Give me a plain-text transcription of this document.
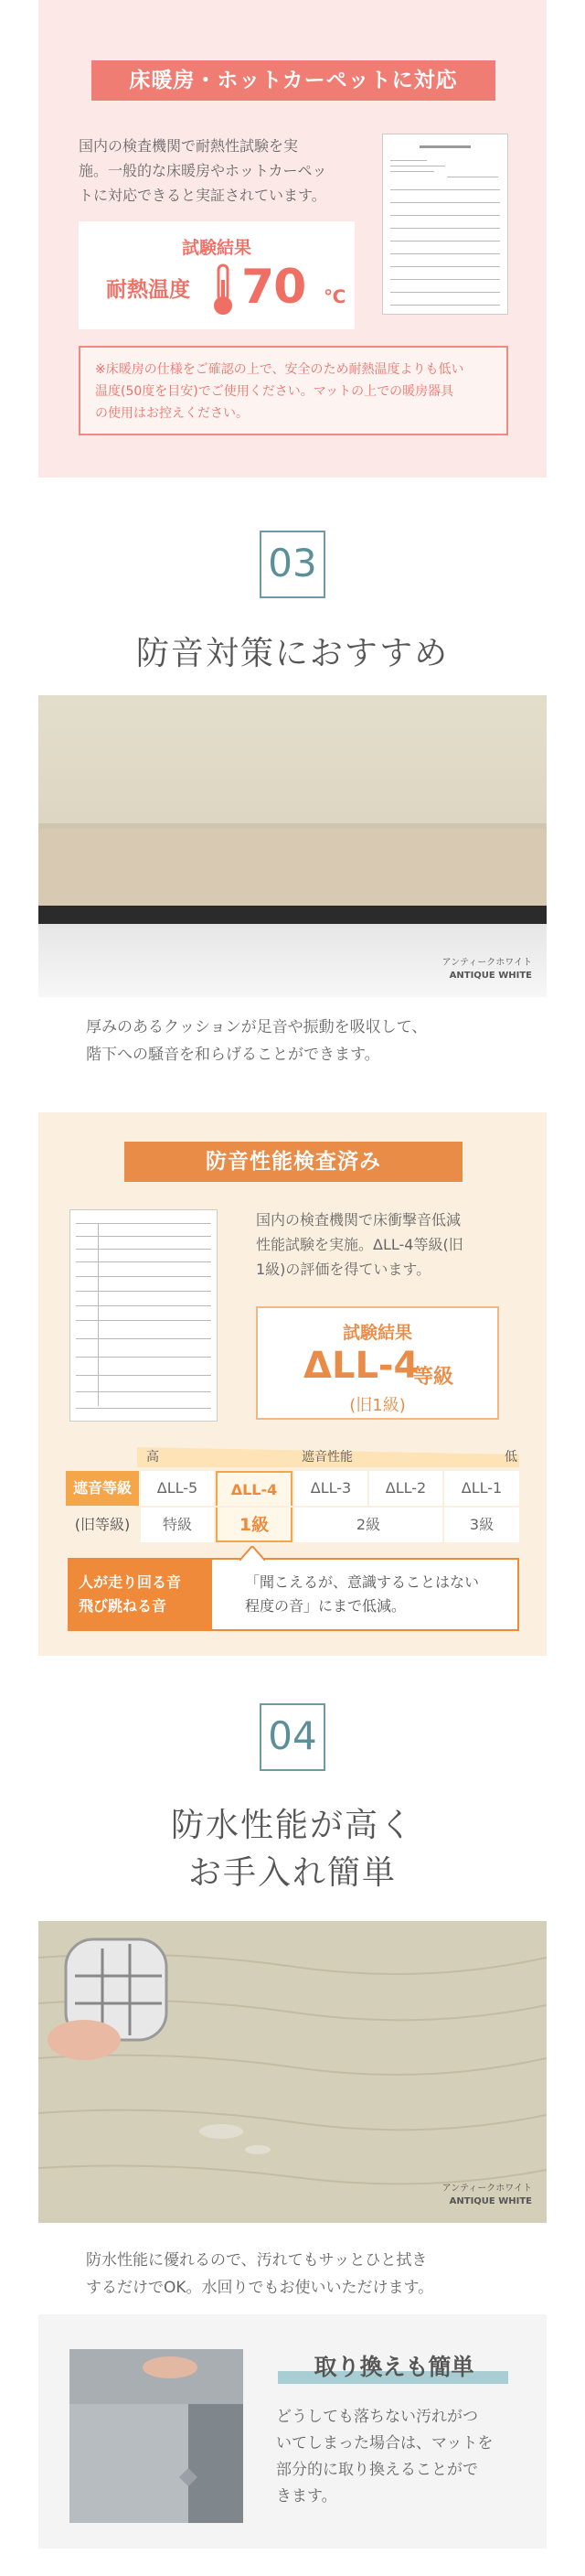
床暖房・ホットカーペットに対応
国内の検査機関で耐熱性試験を実
施。一般的な床暖房やホットカーペッ
トに対応できると実証されています。
試験結果
耐熱温度 70 ℃
※床暖房の仕様をご確認の上で、安全のため耐熱温度よりも低い
温度(50度を目安)でご使用ください。マットの上での暖房器具
の使用はお控えください。
03
防音対策におすすめ
アンティークホワイト
ANTIQUE WHITE
厚みのあるクッションが足音や振動を吸収して、
階下への騒音を和らげることができます。
防音性能検査済み
国内の検査機関で床衝撃音低減
性能試験を実施。ΔLL-4等級(旧
1級)の評価を得ています。
試験結果
ΔLL-4
等級
(旧1級)
高	遮音性能	低
遮音等級	ΔLL-5	ΔLL-4	ΔLL-3	ΔLL-2	ΔLL-1
(旧等級)	特級	1級	2級	3級
人が走り回る音
飛び跳ねる音
「聞こえるが、意識することはない
程度の音」にまで低減。
04
防水性能が高く
お手入れ簡単
アンティークホワイト
ANTIQUE WHITE
防水性能に優れるので、汚れてもサッとひと拭き
するだけでOK。水回りでもお使いいただけます。
取り換えも簡単
どうしても落ちない汚れがつ
いてしまった場合は、マットを
部分的に取り換えることがで
きます。
